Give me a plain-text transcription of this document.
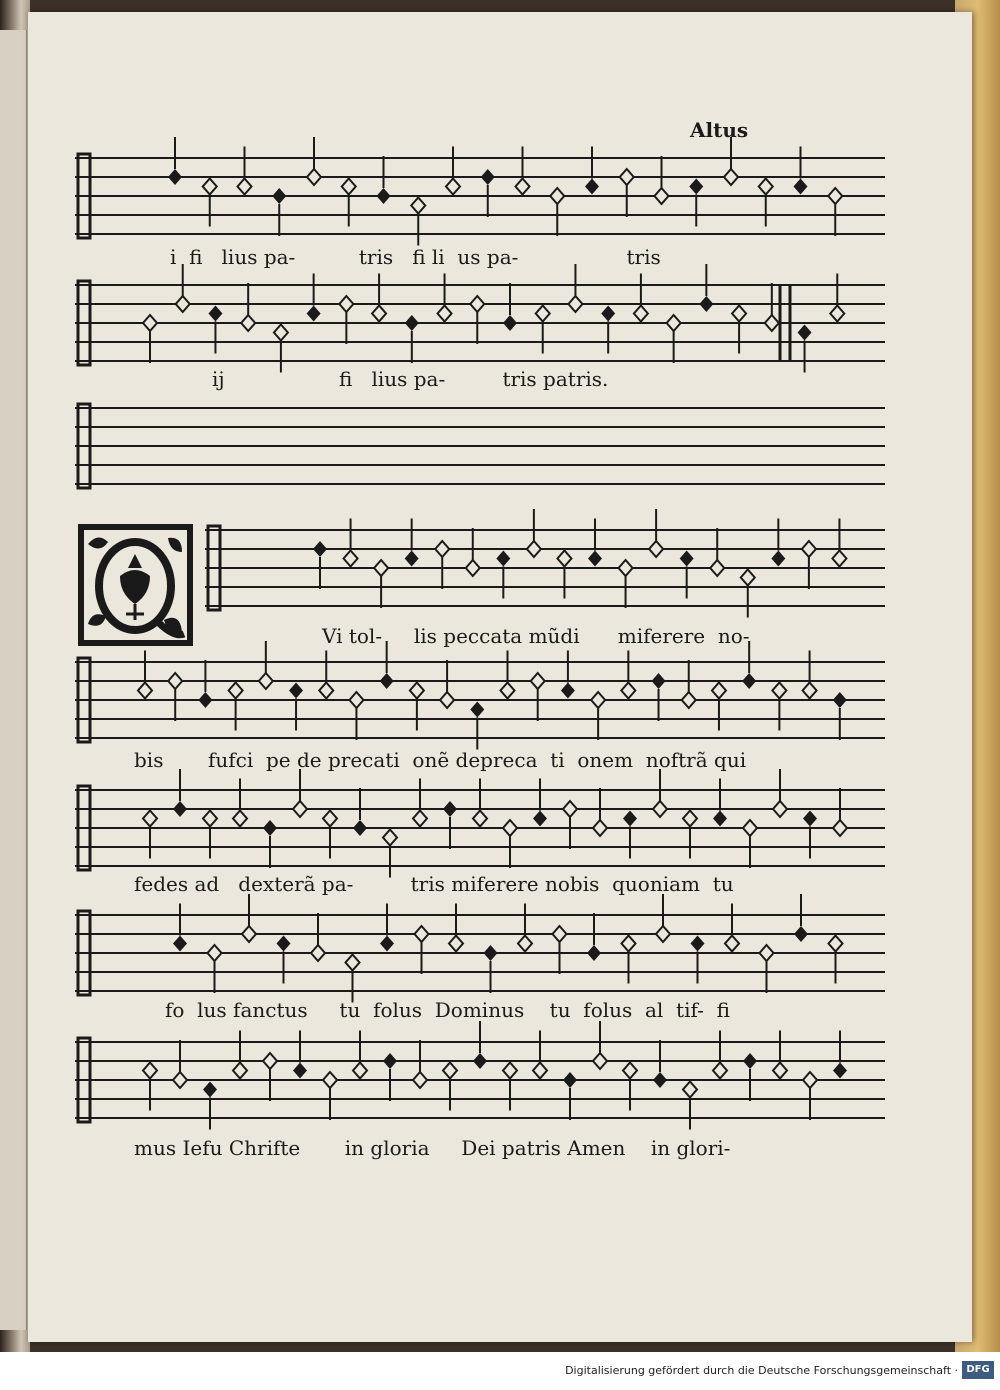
Altus
i  fi   lius pa-          tris   fi li  us pa-                 tris
ij                  fi   lius pa-         tris patris.
Vi tol-     lis peccata mũdi      miferere  no-
bis       fufci  pe de precati  onẽ depreca  ti  onem  noftrã qui
fedes ad   dexterã pa-         tris miferere nobis  quoniam  tu
fo  lus fanctus     tu  folus  Dominus    tu  folus  al  tif-  fi
mus Iefu Chrifte       in gloria     Dei patris Amen    in glori-
Digitalisierung gefördert durch die Deutsche Forschungsgemeinschaft · DFG
